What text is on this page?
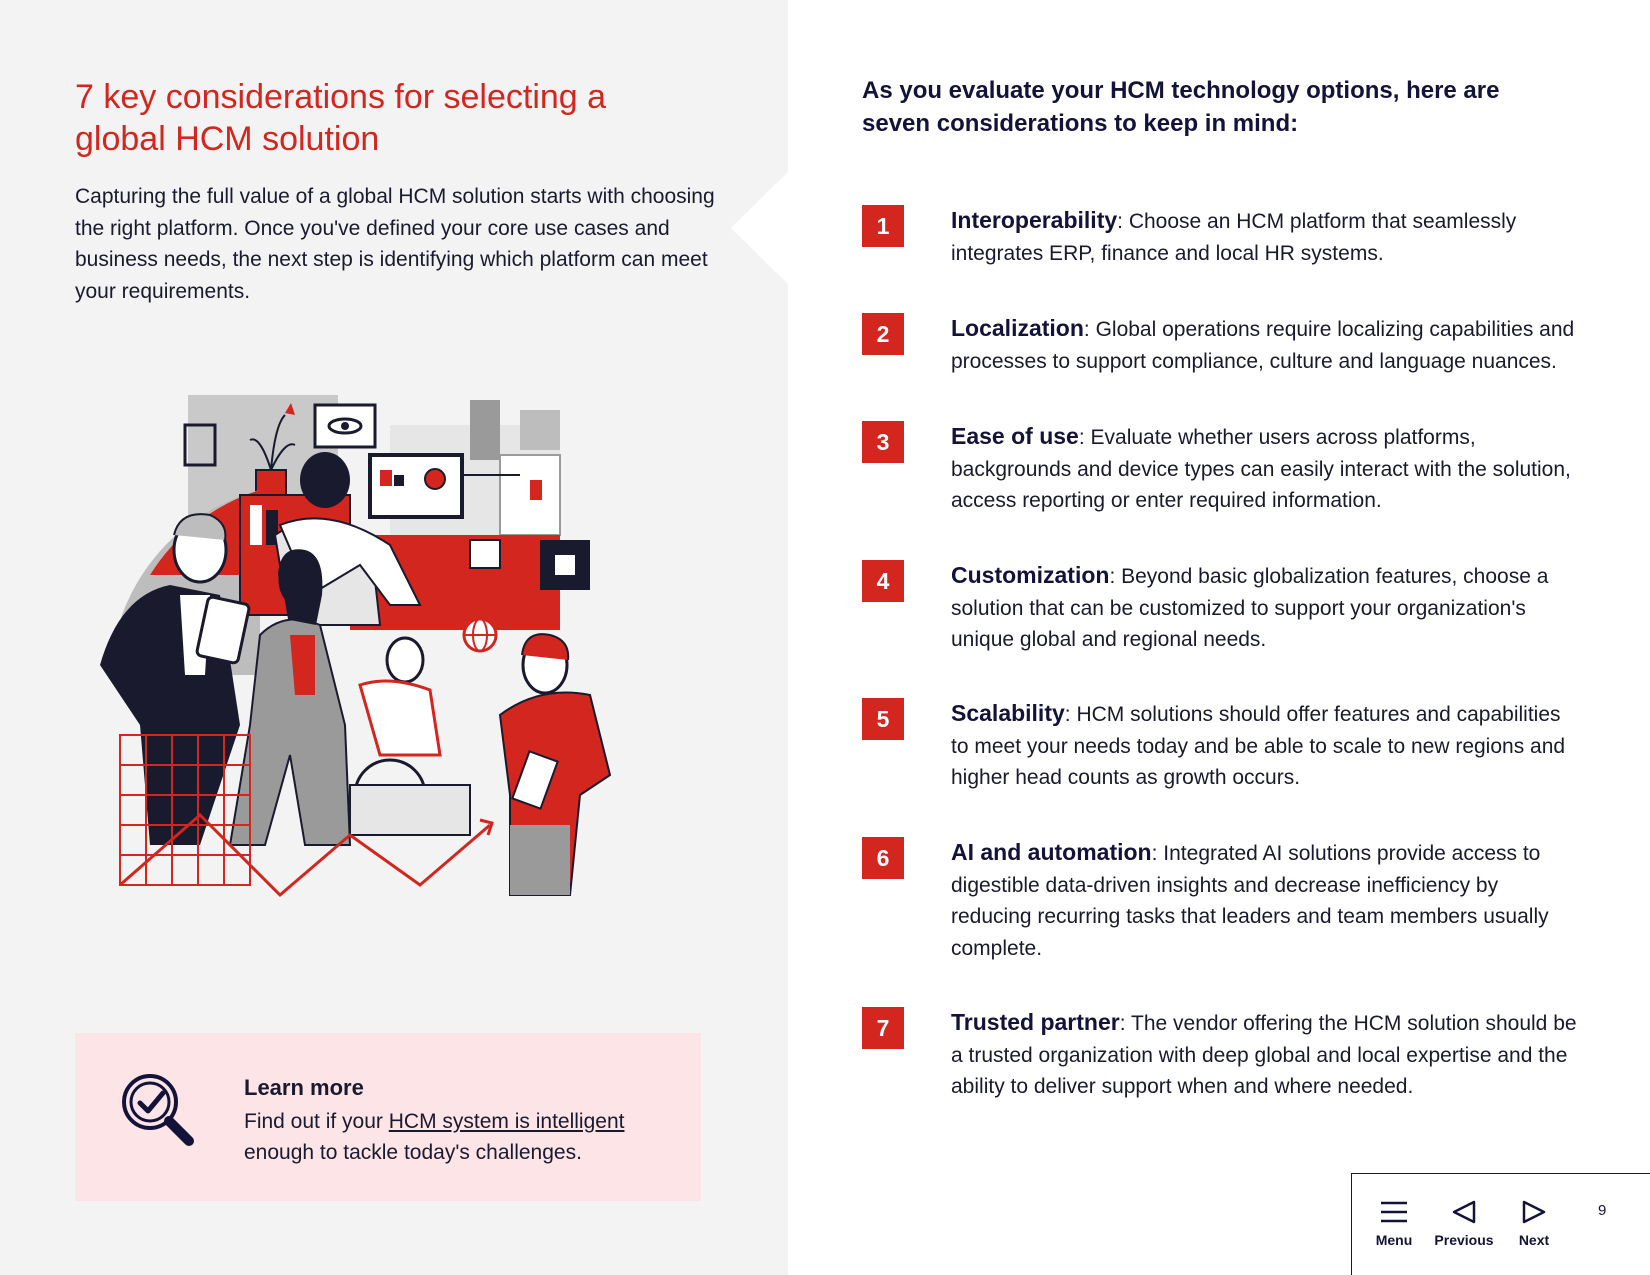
7 key considerations for selecting a global HCM solution

Capturing the full value of a global HCM solution starts with choosing the right platform. Once you've defined your core use cases and business needs, the next step is identifying which platform can meet your requirements.

Learn more
Find out if your HCM system is intelligent enough to tackle today's challenges.
As you evaluate your HCM technology options, here are seven considerations to keep in mind:
1	Interoperability: Choose an HCM platform that seamlessly integrates ERP, finance and local HR systems.
2	Localization: Global operations require localizing capabilities and processes to support compliance, culture and language nuances.
3	Ease of use: Evaluate whether users across platforms, backgrounds and device types can easily interact with the solution, access reporting or enter required information.
4	Customization: Beyond basic globalization features, choose a solution that can be customized to support your organization's unique global and regional needs.
5	Scalability: HCM solutions should offer features and capabilities to meet your needs today and be able to scale to new regions and higher head counts as growth occurs.
6	AI and automation: Integrated AI solutions provide access to digestible data-driven insights and decrease inefficiency by reducing recurring tasks that leaders and team members usually complete.
7	Trusted partner: The vendor offering the HCM solution should be a trusted organization with deep global and local expertise and the ability to deliver support when and where needed.
Menu	Previous	Next
9
